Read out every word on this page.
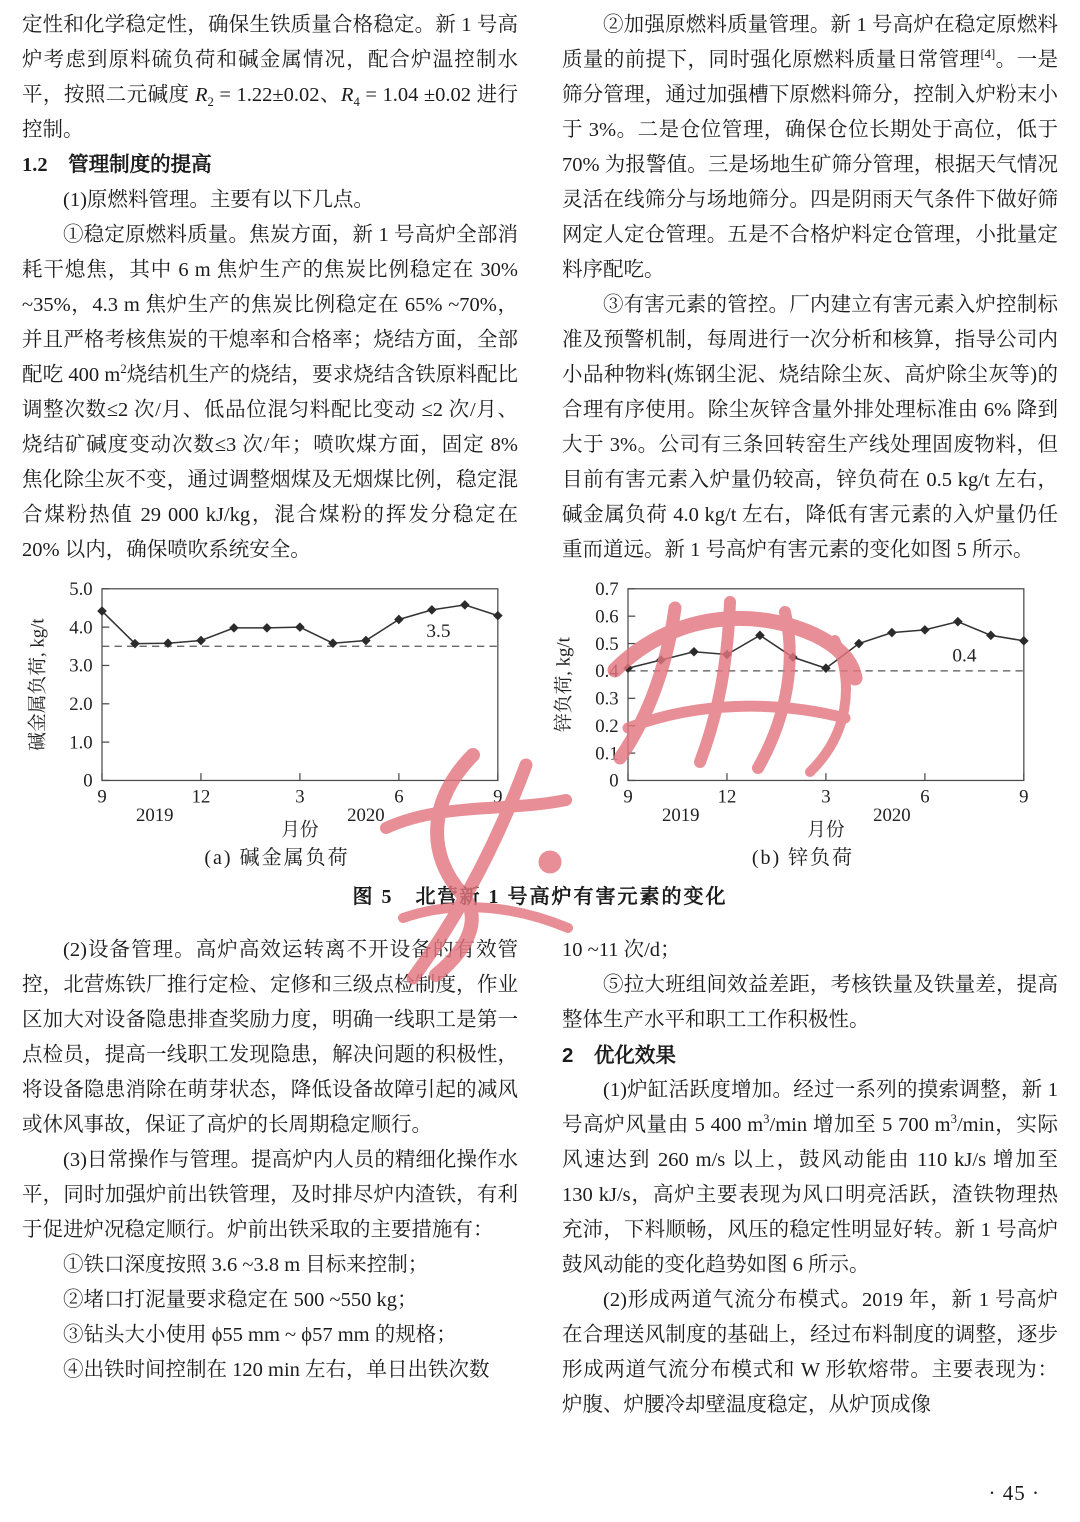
定性和化学稳定性，确保生铁质量合格稳定。新 1 号高炉考虑到原料硫负荷和碱金属情况，配合炉温控制水平，按照二元碱度 $R_2 = 1.22\pm 0.02$、$R_4 = 1.04 \pm 0.02$ 进行控制。

1.2　管理制度的提高

(1)原燃料管理。主要有以下几点。

①稳定原燃料质量。焦炭方面，新 1 号高炉全部消耗干熄焦，其中 6 m 焦炉生产的焦炭比例稳定在 30% ~35%，4.3 m 焦炉生产的焦炭比例稳定在 65% ~70%，并且严格考核焦炭的干熄率和合格率；烧结方面，全部配吃 400 $m^2$烧结机生产的烧结，要求烧结含铁原料配比调整次数≤2 次/月、低品位混匀料配比变动 ≤2 次/月、烧结矿碱度变动次数≤3 次/年；喷吹煤方面，固定 8% 焦化除尘灰不变，通过调整烟煤及无烟煤比例，稳定混合煤粉热值 29 000 kJ/kg，混合煤粉的挥发分稳定在 20% 以内，确保喷吹系统安全。

②加强原燃料质量管理。新 1 号高炉在稳定原燃料质量的前提下，同时强化原燃料质量日常管理[4]。一是筛分管理，通过加强槽下原燃料筛分，控制入炉粉末小于 3%。二是仓位管理，确保仓位长期处于高位，低于 70% 为报警值。三是场地生矿筛分管理，根据天气情况灵活在线筛分与场地筛分。四是阴雨天气条件下做好筛网定人定仓管理。五是不合格炉料定仓管理，小批量定料序配吃。

③有害元素的管控。厂内建立有害元素入炉控制标准及预警机制，每周进行一次分析和核算，指导公司内小品种物料(炼钢尘泥、烧结除尘灰、高炉除尘灰等)的合理有序使用。除尘灰锌含量外排处理标准由 6% 降到大于 3%。公司有三条回转窑生产线处理固废物料，但目前有害元素入炉量仍较高，锌负荷在 0.5 kg/t 左右，碱金属负荷 4.0 kg/t 左右，降低有害元素的入炉量仍任重而道远。新 1 号高炉有害元素的变化如图 5 所示。

0
1.0
2.0
3.0
4.0
5.0
9	12	3	6	9
2019	2020
3.5
碱金属负荷, kg/t
月份
(a) 碱金属负荷
0
0.1
0.2
0.3
0.4
0.5
0.6
0.7
9	12	3	6	9
2019	2020
0.4
锌负荷, kg/t
月份
(b) 锌负荷
图 5　北营新 1 号高炉有害元素的变化

(2)设备管理。高炉高效运转离不开设备的有效管控，北营炼铁厂推行定检、定修和三级点检制度，作业区加大对设备隐患排查奖励力度，明确一线职工是第一点检员，提高一线职工发现隐患，解决问题的积极性，将设备隐患消除在萌芽状态，降低设备故障引起的减风或休风事故，保证了高炉的长周期稳定顺行。

(3)日常操作与管理。提高炉内人员的精细化操作水平，同时加强炉前出铁管理，及时排尽炉内渣铁，有利于促进炉况稳定顺行。炉前出铁采取的主要措施有：

①铁口深度按照 3.6 ~3.8 m 目标来控制；

②堵口打泥量要求稳定在 500 ~550 kg；

③钻头大小使用 ϕ55 mm ~ ϕ57 mm 的规格；

④出铁时间控制在 120 min 左右，单日出铁次数

10 ~11 次/d；

⑤拉大班组间效益差距，考核铁量及铁量差，提高整体生产水平和职工工作积极性。

2　优化效果

(1)炉缸活跃度增加。经过一系列的摸索调整，新 1 号高炉风量由 5 400 $m^3/\min$ 增加至 5 700 $m^3/\min$，实际风速达到 260 m/s 以上，鼓风动能由 110 kJ/s 增加至 130 kJ/s，高炉主要表现为风口明亮活跃，渣铁物理热充沛，下料顺畅，风压的稳定性明显好转。新 1 号高炉鼓风动能的变化趋势如图 6 所示。

(2)形成两道气流分布模式。2019 年，新 1 号高炉在合理送风制度的基础上，经过布料制度的调整，逐步形成两道气流分布模式和 W 形软熔带。主要表现为：炉腹、炉腰冷却壁温度稳定，从炉顶成像

· 45 ·
